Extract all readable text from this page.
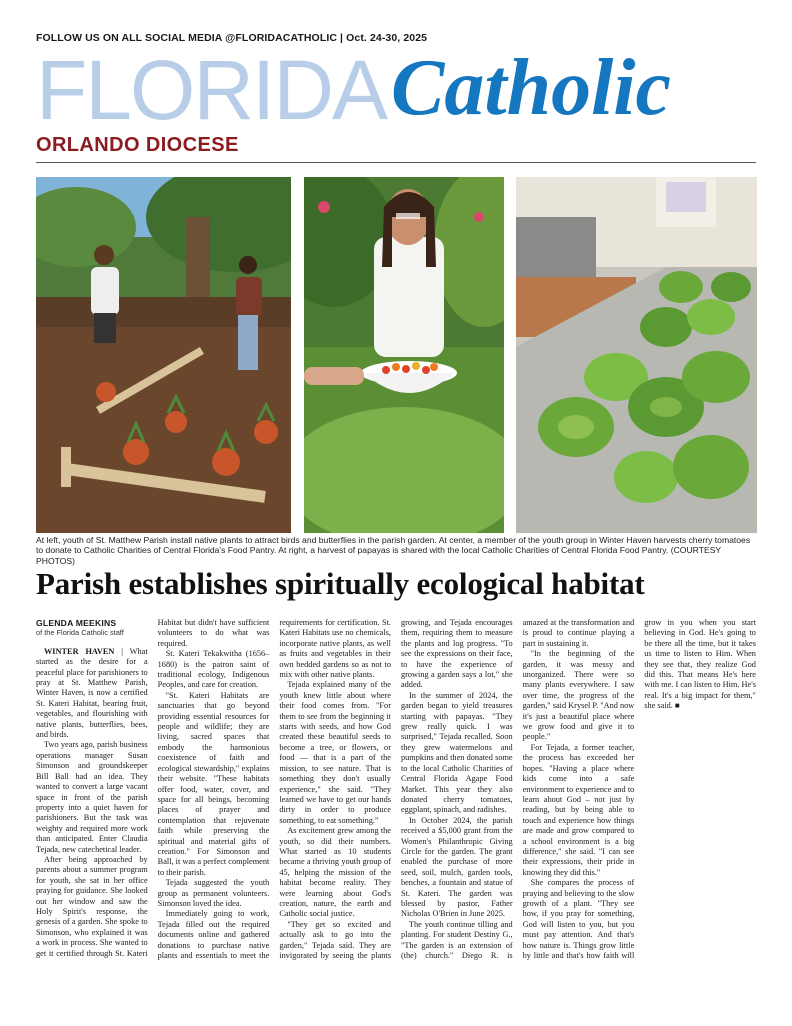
FOLLOW US ON ALL SOCIAL MEDIA @FLORIDACATHOLIC | Oct. 24-30, 2025
FLORIDA Catholic
ORLANDO DIOCESE
At left, youth of St. Matthew Parish install native plants to attract birds and butterflies in the parish garden. At center, a member of the youth group in Winter Haven harvests cherry tomatoes to donate to Catholic Charities of Central Florida's Food Pantry. At right, a harvest of papayas is shared with the local Catholic Charities of Central Florida Food Pantry. (COURTESY PHOTOS)
Parish establishes spiritually ecological habitat
GLENDA MEEKINS
of the Florida Catholic staff

WINTER HAVEN | What started as the desire for a peaceful place for parishioners to pray at St. Matthew Parish, Winter Haven, is now a certified St. Kateri Habitat, bearing fruit, vegetables, and flourishing with native plants, butterflies, bees, and birds.

Two years ago, parish business operations manager Susan Simonson and groundskeeper Bill Ball had an idea. They wanted to convert a large vacant space in front of the parish property into a quiet haven for parishioners. But the task was weighty and required more work than anticipated. Enter Claudia Tejada, new catechetical leader.

After being approached by parents about a summer program for youth, she sat in her office praying for guidance. She looked out her window and saw the Holy Spirit's response, the genesis of a garden. She spoke to Simonson, who explained it was a work in process. She wanted to get it certified through St. Kateri Habitat but didn't have sufficient volunteers to do what was required.

St. Kateri Tekakwitha (1656–1680) is the patron saint of traditional ecology, Indigenous Peoples, and care for creation.

"St. Kateri Habitats are sanctuaries that go beyond providing essential resources for people and wildlife; they are living, sacred spaces that embody the harmonious coexistence of faith and ecological stewardship," explains their website. "These habitats offer food, water, cover, and space for all beings, becoming places of prayer and contemplation that rejuvenate faith while preserving the spiritual and material gifts of creation." For Simonson and Ball, it was a perfect complement to their parish.

Tejada suggested the youth group as permanent volunteers. Simonson loved the idea.

Immediately going to work, Tejada filled out the required documents online and gathered donations to purchase native plants and essentials to meet the requirements for certification. St. Kateri Habitats use no chemicals, incorporate native plants, as well as fruits and vegetables in their own bedded gardens so as not to mix with other native plants.

Tejada explained many of the youth knew little about where their food comes from. "For them to see from the beginning it starts with seeds, and how God created these beautiful seeds to become a tree, or flowers, or food — that is a part of the mission, to see nature. That is something they don't usually experience," she said. "They learned we have to get our hands dirty in order to produce something, to eat something."

As excitement grew among the youth, so did their numbers. What started as 10 students became a thriving youth group of 45, helping the mission of the habitat become reality. They were learning about God's creation, nature, the earth and Catholic social justice.

"They get so excited and actually ask to go into the garden," Tejada said. They are invigorated by seeing the plants growing, and Tejada encourages them, requiring them to measure the plants and log progress. "To see the expressions on their face, to have the experience of growing a garden says a lot," she added.

In the summer of 2024, the garden began to yield treasures starting with papayas. "They grew really quick. I was surprised," Tejada recalled. Soon they grew watermelons and pumpkins and then donated some to the local Catholic Charities of Central Florida Agape Food Market. This year they also donated cherry tomatoes, eggplant, spinach, and radishes.

In October 2024, the parish received a $5,000 grant from the Women's Philanthropic Giving Circle for the garden. The grant enabled the purchase of more seed, soil, mulch, garden tools, benches, a fountain and statue of St. Kateri. The garden was blessed by pastor, Father Nicholas O'Brien in June 2025.

The youth continue tilling and planting. For student Destiny G., "The garden is an extension of (the) church." Diego R. is amazed at the transformation and is proud to continue playing a part in sustaining it.

"In the beginning of the garden, it was messy and unorganized. There were so many plants everywhere. I saw over time, the progress of the garden," said Krysel P. "And now it's just a beautiful place where we grow food and give it to people."

For Tejada, a former teacher, the process has exceeded her hopes. "Having a place where kids come into a safe environment to experience and to learn about God – not just by reading, but by being able to touch and experience how things are made and grow compared to a school environment is a big difference," she said. "I can see their expressions, their pride in knowing they did this."

She compares the process of praying and believing to the slow growth of a plant. "They see how, if you pray for something, God will listen to you, but you must pay attention. And that's how nature is. Things grow little by little and that's how faith will grow in you when you start believing in God. He's going to be there all the time, but it takes us time to listen to Him. When they see that, they realize God did this. That means He's here with me. I can listen to Him. He's real. It's a big impact for them," she said. ■
